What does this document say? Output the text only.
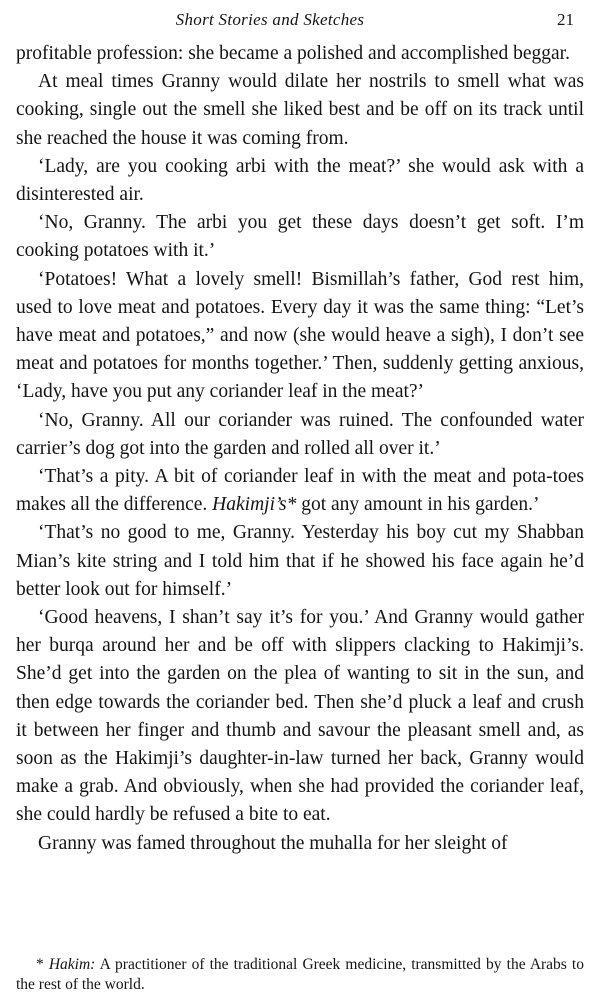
Short Stories and Sketches	21

profitable profession: she became a polished and accomplished beggar.

At meal times Granny would dilate her nostrils to smell what was cooking, single out the smell she liked best and be off on its track until she reached the house it was coming from.

‘Lady, are you cooking arbi with the meat?’ she would ask with a disinterested air.

‘No, Granny. The arbi you get these days doesn’t get soft. I’m cooking potatoes with it.’

‘Potatoes! What a lovely smell! Bismillah’s father, God rest him, used to love meat and potatoes. Every day it was the same thing: “Let’s have meat and potatoes,” and now (she would heave a sigh), I don’t see meat and potatoes for months together.’ Then, suddenly getting anxious, ‘Lady, have you put any coriander leaf in the meat?’

‘No, Granny. All our coriander was ruined. The confounded water carrier’s dog got into the garden and rolled all over it.’

‘That’s a pity. A bit of coriander leaf in with the meat and pota-toes makes all the difference. Hakimji’s* got any amount in his garden.’

‘That’s no good to me, Granny. Yesterday his boy cut my Shabban Mian’s kite string and I told him that if he showed his face again he’d better look out for himself.’

‘Good heavens, I shan’t say it’s for you.’ And Granny would gather her burqa around her and be off with slippers clacking to Hakimji’s. She’d get into the garden on the plea of wanting to sit in the sun, and then edge towards the coriander bed. Then she’d pluck a leaf and crush it between her finger and thumb and savour the pleasant smell and, as soon as the Hakimji’s daughter-in-law turned her back, Granny would make a grab. And obviously, when she had provided the coriander leaf, she could hardly be refused a bite to eat.

Granny was famed throughout the muhalla for her sleight of

* Hakim: A practitioner of the traditional Greek medicine, transmitted by the Arabs to the rest of the world.
